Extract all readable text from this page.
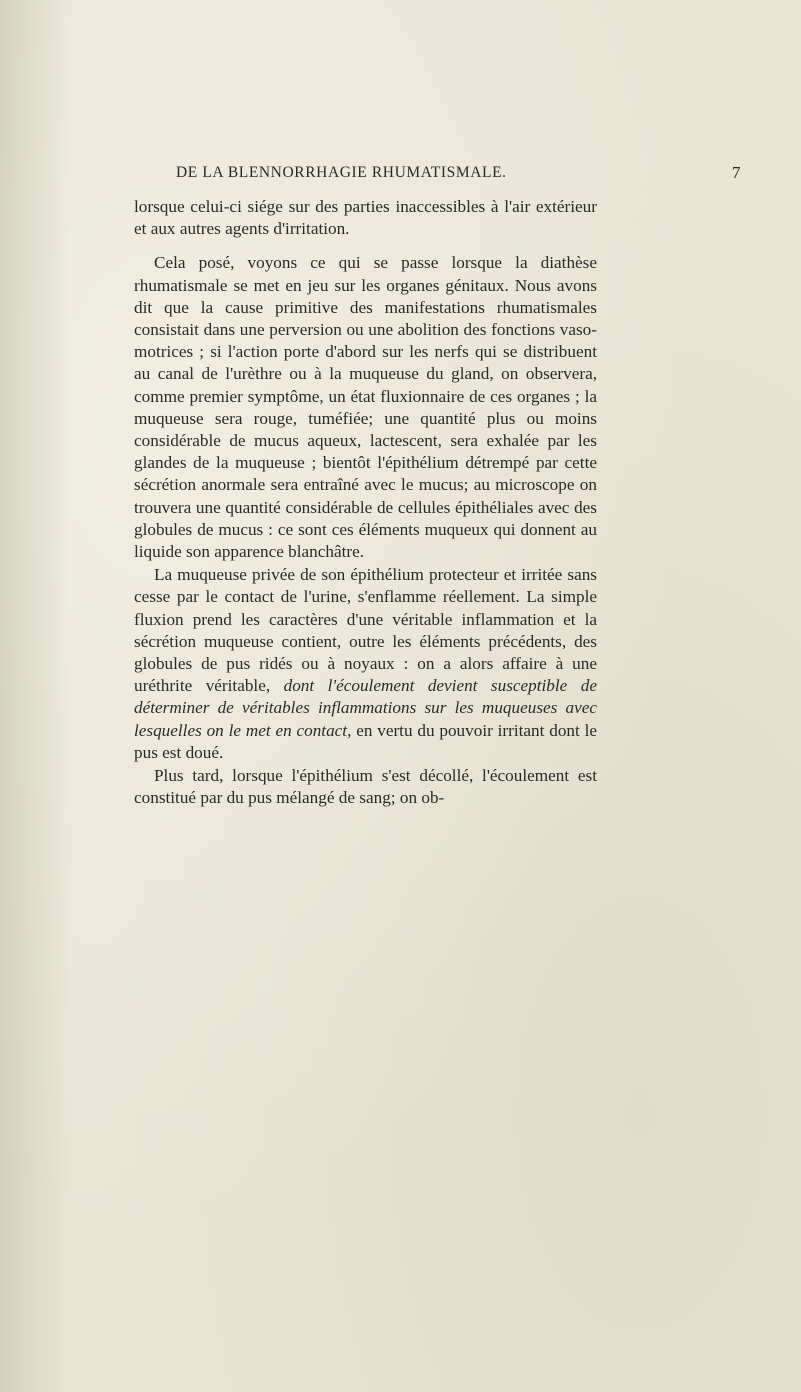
DE LA BLENNORRHAGIE RHUMATISMALE.	7

lorsque celui-ci siége sur des parties inaccessibles à l'air extérieur et aux autres agents d'irritation.

Cela posé, voyons ce qui se passe lorsque la diathèse rhumatismale se met en jeu sur les organes génitaux. Nous avons dit que la cause primitive des manifestations rhumatismales consistait dans une perversion ou une abolition des fonctions vaso-motrices ; si l'action porte d'abord sur les nerfs qui se distribuent au canal de l'urèthre ou à la muqueuse du gland, on observera, comme premier symptôme, un état fluxionnaire de ces organes ; la muqueuse sera rouge, tuméfiée; une quantité plus ou moins considérable de mucus aqueux, lactescent, sera exhalée par les glandes de la muqueuse ; bientôt l'épithélium détrempé par cette sécrétion anormale sera entraîné avec le mucus; au microscope on trouvera une quantité considérable de cellules épithéliales avec des globules de mucus : ce sont ces éléments muqueux qui donnent au liquide son apparence blanchâtre.

La muqueuse privée de son épithélium protecteur et irritée sans cesse par le contact de l'urine, s'enflamme réellement. La simple fluxion prend les caractères d'une véritable inflammation et la sécrétion muqueuse contient, outre les éléments précédents, des globules de pus ridés ou à noyaux : on a alors affaire à une uréthrite véritable, dont l'écoulement devient susceptible de déterminer de véritables inflammations sur les muqueuses avec lesquelles on le met en contact, en vertu du pouvoir irritant dont le pus est doué.

Plus tard, lorsque l'épithélium s'est décollé, l'écoulement est constitué par du pus mélangé de sang; on ob-
